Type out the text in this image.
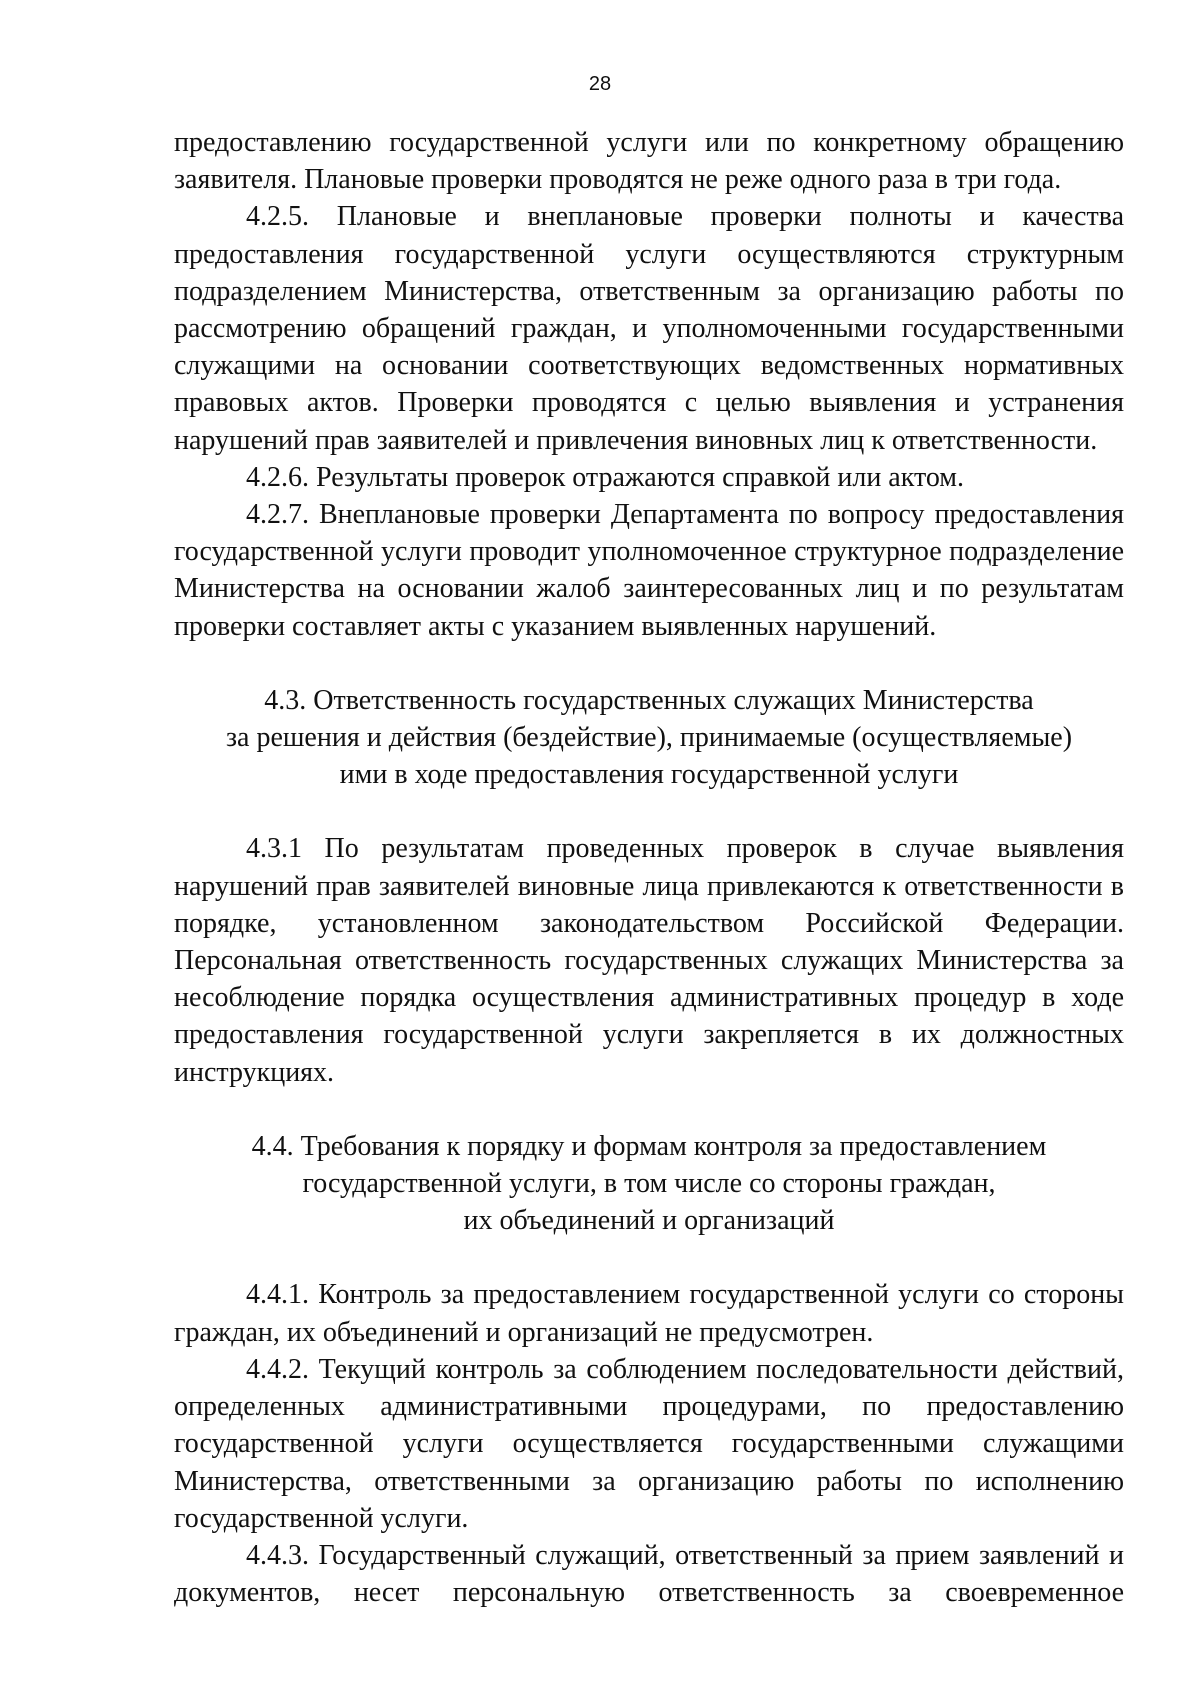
28

предоставлению государственной услуги или по конкретному обращению заявителя. Плановые проверки проводятся не реже одного раза в три года.

4.2.5. Плановые и внеплановые проверки полноты и качества предоставления государственной услуги осуществляются структурным подразделением Министерства, ответственным за организацию работы по рассмотрению обращений граждан, и уполномоченными государственными служащими на основании соответствующих ведомственных нормативных правовых актов. Проверки проводятся с целью выявления и устранения нарушений прав заявителей и привлечения виновных лиц к ответственности.

4.2.6. Результаты проверок отражаются справкой или актом.

4.2.7. Внеплановые проверки Департамента по вопросу предоставления государственной услуги проводит уполномоченное структурное подразделение Министерства на основании жалоб заинтересованных лиц и по результатам проверки составляет акты с указанием выявленных нарушений.

4.3. Ответственность государственных служащих Министерства
за решения и действия (бездействие), принимаемые (осуществляемые)
ими в ходе предоставления государственной услуги

4.3.1 По результатам проведенных проверок в случае выявления нарушений прав заявителей виновные лица привлекаются к ответственности в порядке, установленном законодательством Российской Федерации. Персональная ответственность государственных служащих Министерства за несоблюдение порядка осуществления административных процедур в ходе предоставления государственной услуги закрепляется в их должностных инструкциях.

4.4. Требования к порядку и формам контроля за предоставлением
государственной услуги, в том числе со стороны граждан,
их объединений и организаций

4.4.1. Контроль за предоставлением государственной услуги со стороны граждан, их объединений и организаций не предусмотрен.

4.4.2. Текущий контроль за соблюдением последовательности действий, определенных административными процедурами, по предоставлению государственной услуги осуществляется государственными служащими Министерства, ответственными за организацию работы по исполнению государственной услуги.

4.4.3. Государственный служащий, ответственный за прием заявлений и документов, несет персональную ответственность за своевременное
